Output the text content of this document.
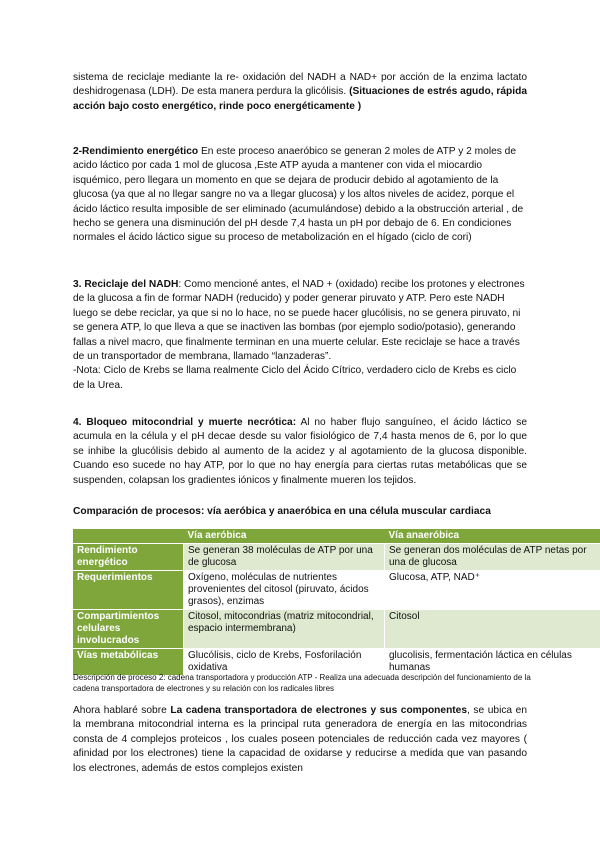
sistema de reciclaje mediante la re- oxidación del NADH a NAD+ por acción de la enzima lactato deshidrogenasa (LDH). De esta manera perdura la glicólisis. (Situaciones de estrés agudo, rápida acción bajo costo energético, rinde poco energéticamente )

2-Rendimiento energético En este proceso anaeróbico se generan 2 moles de ATP y 2 moles de acido láctico por cada 1 mol de glucosa ,Este ATP ayuda a mantener con vida el miocardio isquémico, pero llegara un momento en que se dejara de producir debido al agotamiento de la glucosa (ya que al no llegar sangre no va a llegar glucosa) y los altos niveles de acidez, porque el ácido láctico resulta imposible de ser eliminado (acumulándose) debido a la obstrucción arterial , de hecho se genera una disminución del pH desde 7,4 hasta un pH por debajo de 6. En condiciones normales el ácido láctico sigue su proceso de metabolización en el hígado (ciclo de cori)

3. Reciclaje del NADH: Como mencioné antes, el NAD + (oxidado) recibe los protones y electrones de la glucosa a fin de formar NADH (reducido) y poder generar piruvato y ATP. Pero este NADH luego se debe reciclar, ya que si no lo hace, no se puede hacer glucólisis, no se genera piruvato, ni se genera ATP, lo que lleva a que se inactiven las bombas (por ejemplo sodio/potasio), generando fallas a nivel macro, que finalmente terminan en una muerte celular. Este reciclaje se hace a través de un transportador de membrana, llamado “lanzaderas”.
-Nota: Ciclo de Krebs se llama realmente Ciclo del Ácido Cítrico, verdadero ciclo de Krebs es ciclo de la Urea.

4. Bloqueo mitocondrial y muerte necrótica: Al no haber flujo sanguíneo, el ácido láctico se acumula en la célula y el pH decae desde su valor fisiológico de 7,4 hasta menos de 6, por lo que se inhibe la glucólisis debido al aumento de la acidez y al agotamiento de la glucosa disponible. Cuando eso sucede no hay ATP, por lo que no hay energía para ciertas rutas metabólicas que se suspenden, colapsan los gradientes iónicos y finalmente mueren los tejidos.

Comparación de procesos: vía aeróbica y anaeróbica en una célula muscular cardiaca

	Vía aeróbica	Vía anaeróbica
Rendimiento energético	Se generan 38 moléculas de ATP por una de glucosa	Se generan dos moléculas de ATP netas por una de glucosa
Requerimientos	Oxígeno, moléculas de nutrientes provenientes del citosol (piruvato, ácidos grasos), enzimas	Glucosa, ATP, NAD⁺
Compartimientos celulares involucrados	Citosol, mitocondrias (matriz mitocondrial, espacio intermembrana)	Citosol
Vías metabólicas	Glucólisis, ciclo de Krebs, Fosforilación oxidativa	glucolisis, fermentación láctica en células humanas

Descripción de proceso 2: cadena transportadora y producción ATP - Realiza una adecuada descripción del funcionamiento de la cadena transportadora de electrones y su relación con los radicales libres

Ahora hablaré sobre La cadena transportadora de electrones y sus componentes, se ubica en la membrana mitocondrial interna es la principal ruta generadora de energía en las mitocondrias consta de 4 complejos proteicos , los cuales poseen potenciales de reducción cada vez mayores ( afinidad por los electrones) tiene la capacidad de oxidarse y reducirse a medida que van pasando los electrones, además de estos complejos existen
